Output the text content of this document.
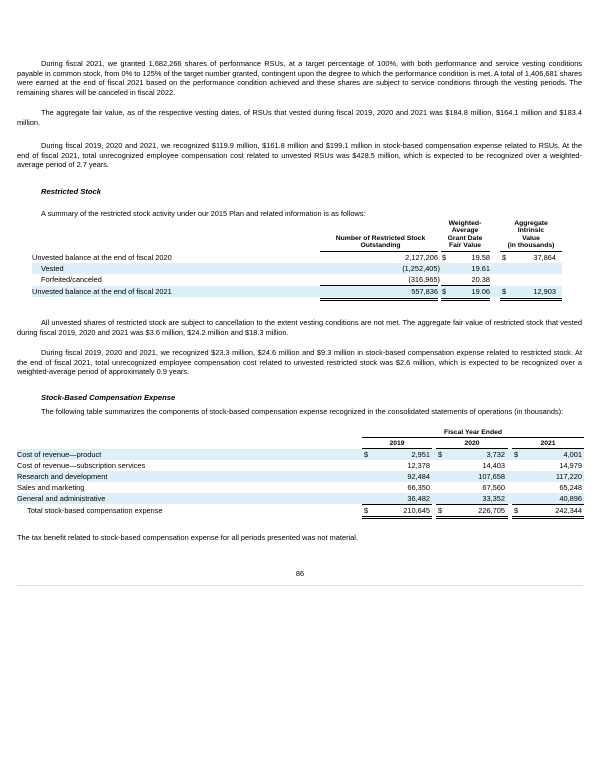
During fiscal 2021, we granted 1,682,266 shares of performance RSUs, at a target percentage of 100%, with both performance and service vesting conditions payable in common stock, from 0% to 125% of the target number granted, contingent upon the degree to which the performance condition is met. A total of 1,406,681 shares were earned at the end of fiscal 2021 based on the performance condition achieved and these shares are subject to service conditions through the vesting periods. The remaining shares will be canceled in fiscal 2022.

The aggregate fair value, as of the respective vesting dates, of RSUs that vested during fiscal 2019, 2020 and 2021 was $184.8 million, $164.1 million and $183.4 million.

During fiscal 2019, 2020 and 2021, we recognized $119.9 million, $161.8 million and $199.1 million in stock-based compensation expense related to RSUs. At the end of fiscal 2021, total unrecognized employee compensation cost related to unvested RSUs was $428.5 million, which is expected to be recognized over a weighted-average period of 2.7 years.

Restricted Stock
A summary of the restricted stock activity under our 2015 Plan and related information is as follows:
Number of Restricted Stock
Outstanding
Weighted-
Average
Grant Date
Fair Value
Aggregate
Intrinsic
Value
(in thousands)
Unvested balance at the end of fiscal 2020	2,127,206 $	19.58 $	37,864
Vested	(1,252,405)	19.61
Forfeited/canceled	(316,965)	20.38
Unvested balance at the end of fiscal 2021	557,836 $	19.06 $	12,903

All unvested shares of restricted stock are subject to cancellation to the extent vesting conditions are not met. The aggregate fair value of restricted stock that vested during fiscal 2019, 2020 and 2021 was $3.6 million, $24.2 million and $18.3 million.

During fiscal 2019, 2020 and 2021, we recognized $23.3 million, $24.6 million and $9.3 million in stock-based compensation expense related to restricted stock. At the end of fiscal 2021, total unrecognized employee compensation cost related to unvested restricted stock was $2.6 million, which is expected to be recognized over a weighted-average period of approximately 0.9 years.

Stock-Based Compensation Expense

The following table summarizes the components of stock-based compensation expense recognized in the consolidated statements of operations (in thousands):

Fiscal Year Ended
2019	2020	2021
Cost of revenue—product	$	2,951 $	3,732 $	4,001
Cost of revenue—subscription services	12,378	14,403	14,979
Research and development	92,484	107,658	117,220
Sales and marketing	66,350	67,560	65,248
General and administrative	36,482	33,352	40,896
Total stock-based compensation expense	$	210,645 $	226,705 $	242,344
The tax benefit related to stock-based compensation expense for all periods presented was not material.
86
